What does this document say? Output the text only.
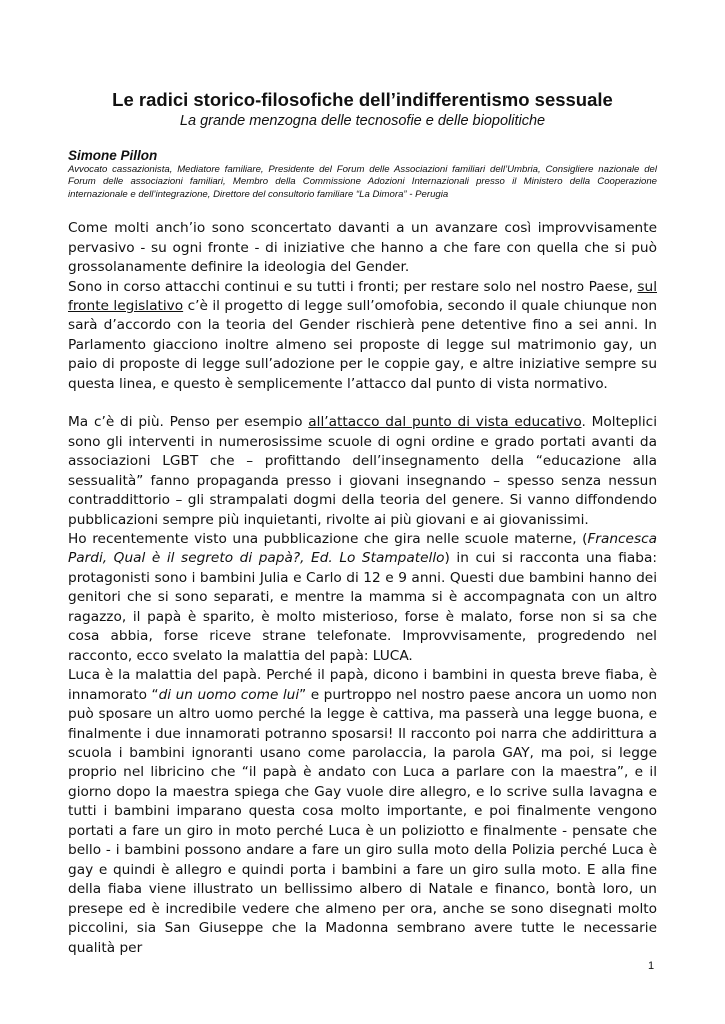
Le radici storico-filosofiche dell’indifferentismo sessuale

La grande menzogna delle tecnosofie e delle biopolitiche

Simone Pillon

Avvocato cassazionista, Mediatore familiare, Presidente del Forum delle Associazioni familiari dell’Umbria, Consigliere nazionale del Forum delle associazioni familiari, Membro della Commissione Adozioni Internazionali presso il Ministero della Cooperazione internazionale e dell’integrazione, Direttore del consultorio familiare “La Dimora” - Perugia

Come molti anch’io sono sconcertato davanti a un avanzare così improvvisamente pervasivo - su ogni fronte - di iniziative che hanno a che fare con quella che si può grossolanamente definire la ideologia del Gender.

Sono in corso attacchi continui e su tutti i fronti; per restare solo nel nostro Paese, sul fronte legislativo c’è il progetto di legge sull’omofobia, secondo il quale chiunque non sarà d’accordo con la teoria del Gender rischierà pene detentive fino a sei anni. In Parlamento giacciono inoltre almeno sei proposte di legge sul matrimonio gay, un paio di proposte di legge sull’adozione per le coppie gay, e altre iniziative sempre su questa linea, e questo è semplicemente l’attacco dal punto di vista normativo.

Ma c’è di più. Penso per esempio all’attacco dal punto di vista educativo. Molteplici sono gli interventi in numerosissime scuole di ogni ordine e grado portati avanti da associazioni LGBT che – profittando dell’insegnamento della “educazione alla sessualità” fanno propaganda presso i giovani insegnando – spesso senza nessun contraddittorio – gli strampalati dogmi della teoria del genere. Si vanno diffondendo pubblicazioni sempre più inquietanti, rivolte ai più giovani e ai giovanissimi.

Ho recentemente visto una pubblicazione che gira nelle scuole materne, (Francesca Pardi, Qual è il segreto di papà?, Ed. Lo Stampatello) in cui si racconta una fiaba: protagonisti sono i bambini Julia e Carlo di 12 e 9 anni. Questi due bambini hanno dei genitori che si sono separati, e mentre la mamma si è accompagnata con un altro ragazzo, il papà è sparito, è molto misterioso, forse è malato, forse non si sa che cosa abbia, forse riceve strane telefonate. Improvvisamente, progredendo nel racconto, ecco svelato la malattia del papà: LUCA.

Luca è la malattia del papà. Perché il papà, dicono i bambini in questa breve fiaba, è innamorato “di un uomo come lui” e purtroppo nel nostro paese ancora un uomo non può sposare un altro uomo perché la legge è cattiva, ma passerà una legge buona, e finalmente i due innamorati potranno sposarsi! Il racconto poi narra che addirittura a scuola i bambini ignoranti usano come parolaccia, la parola GAY, ma poi, si legge proprio nel libricino che “il papà è andato con Luca a parlare con la maestra”, e il giorno dopo la maestra spiega che Gay vuole dire allegro, e lo scrive sulla lavagna e tutti i bambini imparano questa cosa molto importante, e poi finalmente vengono portati a fare un giro in moto perché Luca è un poliziotto e finalmente - pensate che bello - i bambini possono andare a fare un giro sulla moto della Polizia perché Luca è gay e quindi è allegro e quindi porta i bambini a fare un giro sulla moto. E alla fine della fiaba viene illustrato un bellissimo albero di Natale e financo, bontà loro, un presepe ed è incredibile vedere che almeno per ora, anche se sono disegnati molto piccolini, sia San Giuseppe che la Madonna sembrano avere tutte le necessarie qualità per

1
